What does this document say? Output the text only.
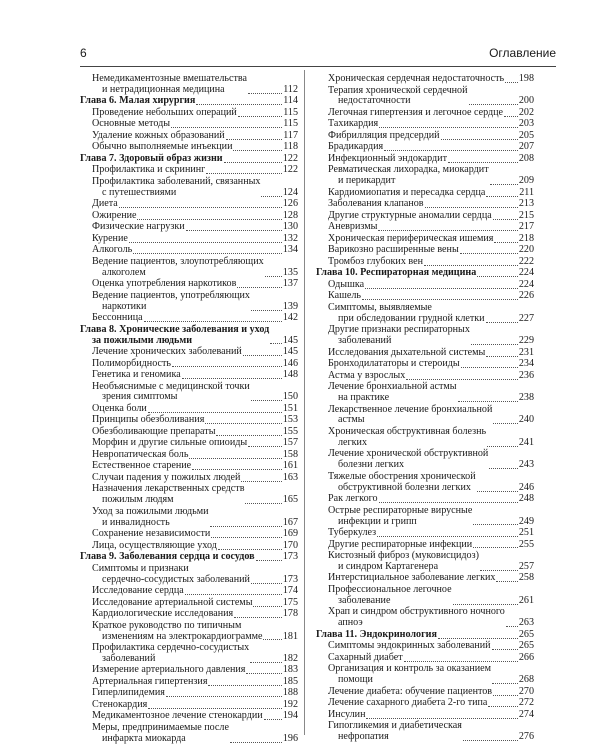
6	Оглавление
Немедикаментозные вмешательства
и нетрадиционная медицина	112
Глава 6. Малая хирургия	114
Проведение небольших операций	115
Основные методы	115
Удаление кожных образований	117
Обычно выполняемые инъекции	118
Глава 7. Здоровый образ жизни	122
Профилактика и скрининг	122
Профилактика заболеваний, связанных
с путешествиями	124
Диета	126
Ожирение	128
Физические нагрузки	130
Курение	132
Алкоголь	134
Ведение пациентов, злоупотребляющих
алкоголем	135
Оценка употребления наркотиков	137
Ведение пациентов, употребляющих
наркотики	139
Бессонница	142
Глава 8. Хронические заболевания и уход
за пожилыми людьми	145
Лечение хронических заболеваний	145
Полиморбидность	146
Генетика и геномика	148
Необъяснимые с медицинской точки
зрения симптомы	150
Оценка боли	151
Принципы обезболивания	153
Обезболивающие препараты	155
Морфин и другие сильные опиоиды	157
Невропатическая боль	158
Естественное старение	161
Случаи падения у пожилых людей	163
Назначения лекарственных средств
пожилым людям	165
Уход за пожилыми людьми
и инвалидность	167
Сохранение независимости	169
Лица, осуществляющие уход	170
Глава 9. Заболевания сердца и сосудов	173
Симптомы и признаки
сердечно-сосудистых заболеваний	173
Исследование сердца	174
Исследование артериальной системы	175
Кардиологические исследования	178
Краткое руководство по типичным
изменениям на электрокардиограмме 181
Профилактика сердечно-сосудистых
заболеваний	182
Измерение артериального давления	183
Артериальная гипертензия	185
Гиперлипидемия	188
Стенокардия	192
Медикаментозное лечение стенокардии 194
Меры, предпринимаемые после
инфаркта миокарда	196
Хроническая сердечная недостаточность 198
Терапия хронической сердечной
недостаточности	200
Легочная гипертензия и легочное сердце 202
Тахикардия	203
Фибрилляция предсердий	205
Брадикардия	207
Инфекционный эндокардит	208
Ревматическая лихорадка, миокардит
и перикардит	209
Кардиомиопатия и пересадка сердца	211
Заболевания клапанов	213
Другие структурные аномалии сердца	215
Аневризмы	217
Хроническая периферическая ишемия	218
Варикозно расширенные вены	220
Тромбоз глубоких вен	222
Глава 10. Респираторная медицина	224
Одышка	224
Кашель	226
Симптомы, выявляемые
при обследовании грудной клетки	227
Другие признаки респираторных
заболеваний	229
Исследования дыхательной системы	231
Бронходилататоры и стероиды	234
Астма у взрослых	236
Лечение бронхиальной астмы
на практике	238
Лекарственное лечение бронхиальной
астмы	240
Хроническая обструктивная болезнь
легких	241
Лечение хронической обструктивной
болезни легких	243
Тяжелые обострения хронической
обструктивной болезни легких	246
Рак легкого	248
Острые респираторные вирусные
инфекции и грипп	249
Туберкулез	251
Другие респираторные инфекции	255
Кистозный фиброз (муковисцидоз)
и синдром Картагенера	257
Интерстициальное заболевание легких 258
Профессиональное легочное
заболевание	261
Храп и синдром обструктивного ночного
апноэ	263
Глава 11. Эндокринология	265
Симптомы эндокринных заболеваний	265
Сахарный диабет	266
Организация и контроль за оказанием
помощи	268
Лечение диабета: обучение пациентов	270
Лечение сахарного диабета 2-го типа	272
Инсулин	274
Гипогликемия и диабетическая
нефропатия	276
